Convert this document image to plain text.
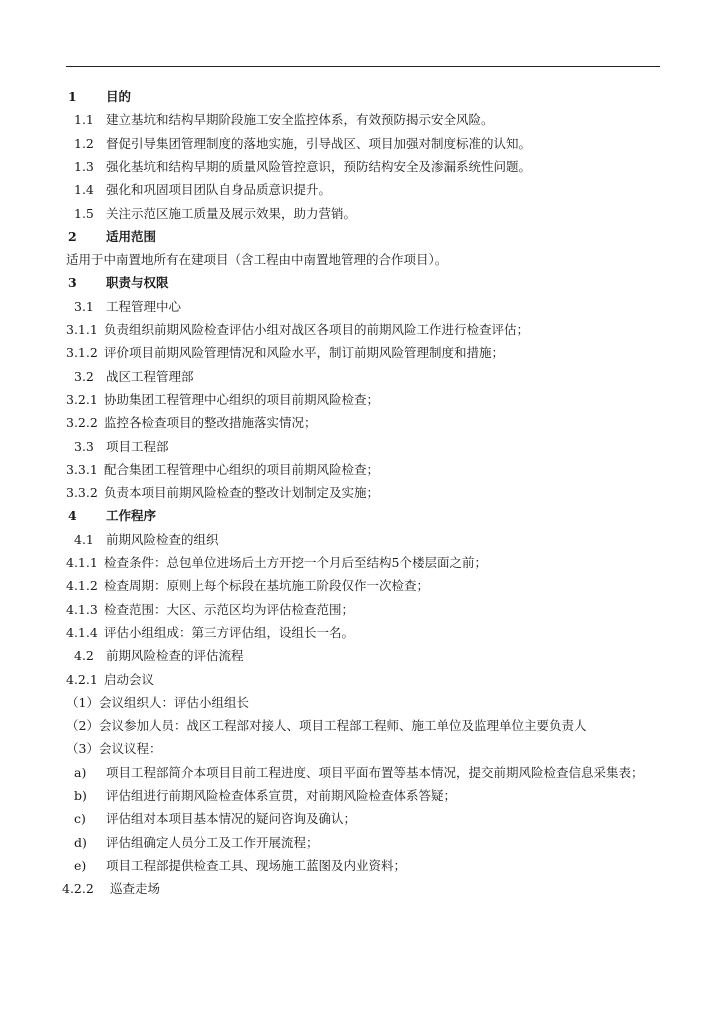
1 目的
1.1 建立基坑和结构早期阶段施工安全监控体系，有效预防揭示安全风险。
1.2 督促引导集团管理制度的落地实施，引导战区、项目加强对制度标准的认知。
1.3 强化基坑和结构早期的质量风险管控意识，预防结构安全及渗漏系统性问题。
1.4 强化和巩固项目团队自身品质意识提升。
1.5 关注示范区施工质量及展示效果，助力营销。
2 适用范围
适用于中南置地所有在建项目（含工程由中南置地管理的合作项目）。
3 职责与权限
3.1 工程管理中心
3.1.1 负责组织前期风险检查评估小组对战区各项目的前期风险工作进行检查评估；
3.1.2 评价项目前期风险管理情况和风险水平，制订前期风险管理制度和措施；
3.2 战区工程管理部
3.2.1 协助集团工程管理中心组织的项目前期风险检查；
3.2.2 监控各检查项目的整改措施落实情况；
3.3 项目工程部
3.3.1 配合集团工程管理中心组织的项目前期风险检查；
3.3.2 负责本项目前期风险检查的整改计划制定及实施；
4 工作程序
4.1 前期风险检查的组织
4.1.1 检查条件：总包单位进场后土方开挖一个月后至结构5个楼层面之前；
4.1.2 检查周期：原则上每个标段在基坑施工阶段仅作一次检查；
4.1.3 检查范围：大区、示范区均为评估检查范围；
4.1.4 评估小组组成：第三方评估组，设组长一名。
4.2 前期风险检查的评估流程
4.2.1 启动会议
（1）会议组织人：评估小组组长
（2）会议参加人员：战区工程部对接人、项目工程部工程师、施工单位及监理单位主要负责人
（3）会议议程：
a) 项目工程部简介本项目目前工程进度、项目平面布置等基本情况，提交前期风险检查信息采集表；
b) 评估组进行前期风险检查体系宣贯，对前期风险检查体系答疑；
c) 评估组对本项目基本情况的疑问咨询及确认；
d) 评估组确定人员分工及工作开展流程；
e) 项目工程部提供检查工具、现场施工蓝图及内业资料；
4.2.2 巡查走场
